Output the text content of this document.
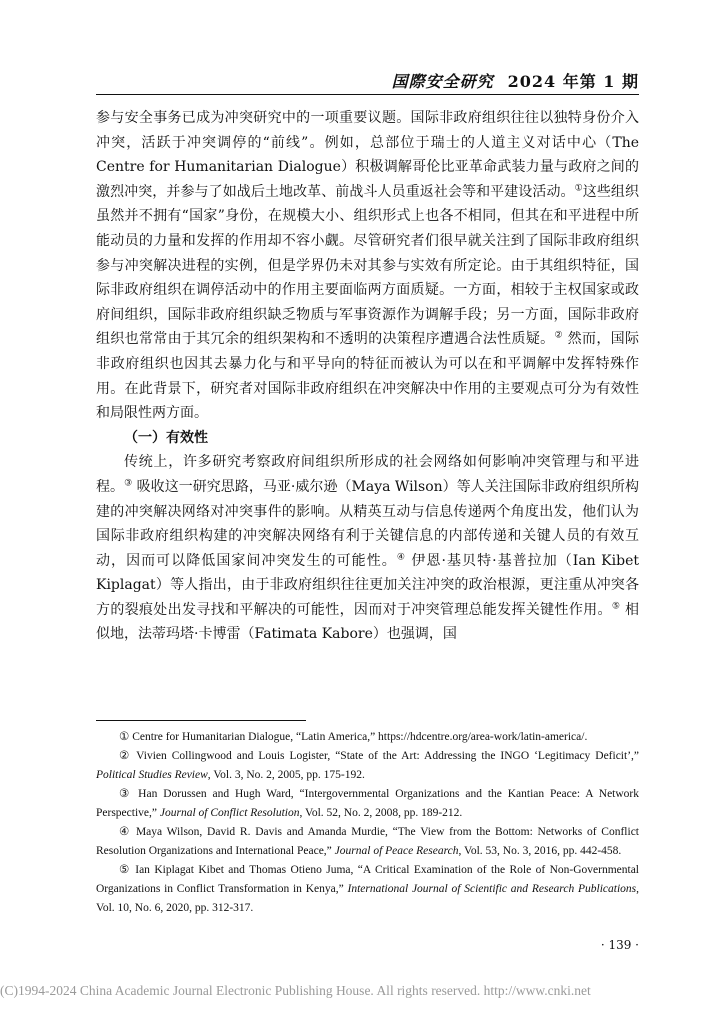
国際安全研究 2024 年第 1 期

参与安全事务已成为冲突研究中的一项重要议题。国际非政府组织往往以独特身份介入冲突，活跃于冲突调停的“前线”。例如，总部位于瑞士的人道主义对话中心（The Centre for Humanitarian Dialogue）积极调解哥伦比亚革命武装力量与政府之间的激烈冲突，并参与了如战后土地改革、前战斗人员重返社会等和平建设活动。①这些组织虽然并不拥有“国家”身份，在规模大小、组织形式上也各不相同，但其在和平进程中所能动员的力量和发挥的作用却不容小觑。尽管研究者们很早就关注到了国际非政府组织参与冲突解决进程的实例，但是学界仍未对其参与实效有所定论。由于其组织特征，国际非政府组织在调停活动中的作用主要面临两方面质疑。一方面，相较于主权国家或政府间组织，国际非政府组织缺乏物质与军事资源作为调解手段；另一方面，国际非政府组织也常常由于其冗余的组织架构和不透明的决策程序遭遇合法性质疑。② 然而，国际非政府组织也因其去暴力化与和平导向的特征而被认为可以在和平调解中发挥特殊作用。在此背景下，研究者对国际非政府组织在冲突解决中作用的主要观点可分为有效性和局限性两方面。

（一）有效性

传统上，许多研究考察政府间组织所形成的社会网络如何影响冲突管理与和平进程。③ 吸收这一研究思路，马亚·威尔逊（Maya Wilson）等人关注国际非政府组织所构建的冲突解决网络对冲突事件的影响。从精英互动与信息传递两个角度出发，他们认为国际非政府组织构建的冲突解决网络有利于关键信息的内部传递和关键人员的有效互动，因而可以降低国家间冲突发生的可能性。④ 伊恩·基贝特·基普拉加（Ian Kibet Kiplagat）等人指出，由于非政府组织往往更加关注冲突的政治根源，更注重从冲突各方的裂痕处出发寻找和平解决的可能性，因而对于冲突管理总能发挥关键性作用。⑤ 相似地，法蒂玛塔·卡博雷（Fatimata Kabore）也强调，国

① Centre for Humanitarian Dialogue, “Latin America,” https://hdcentre.org/area-work/latin-america/.

② Vivien Collingwood and Louis Logister, “State of the Art: Addressing the INGO ‘Legitimacy Deficit’,” Political Studies Review, Vol. 3, No. 2, 2005, pp. 175-192.

③ Han Dorussen and Hugh Ward, “Intergovernmental Organizations and the Kantian Peace: A Network Perspective,” Journal of Conflict Resolution, Vol. 52, No. 2, 2008, pp. 189-212.

④ Maya Wilson, David R. Davis and Amanda Murdie, “The View from the Bottom: Networks of Conflict Resolution Organizations and International Peace,” Journal of Peace Research, Vol. 53, No. 3, 2016, pp. 442-458.

⑤ Ian Kiplagat Kibet and Thomas Otieno Juma, “A Critical Examination of the Role of Non-Governmental Organizations in Conflict Transformation in Kenya,” International Journal of Scientific and Research Publications, Vol. 10, No. 6, 2020, pp. 312-317.

· 139 ·
(C)1994-2024 China Academic Journal Electronic Publishing House. All rights reserved. http://www.cnki.net
